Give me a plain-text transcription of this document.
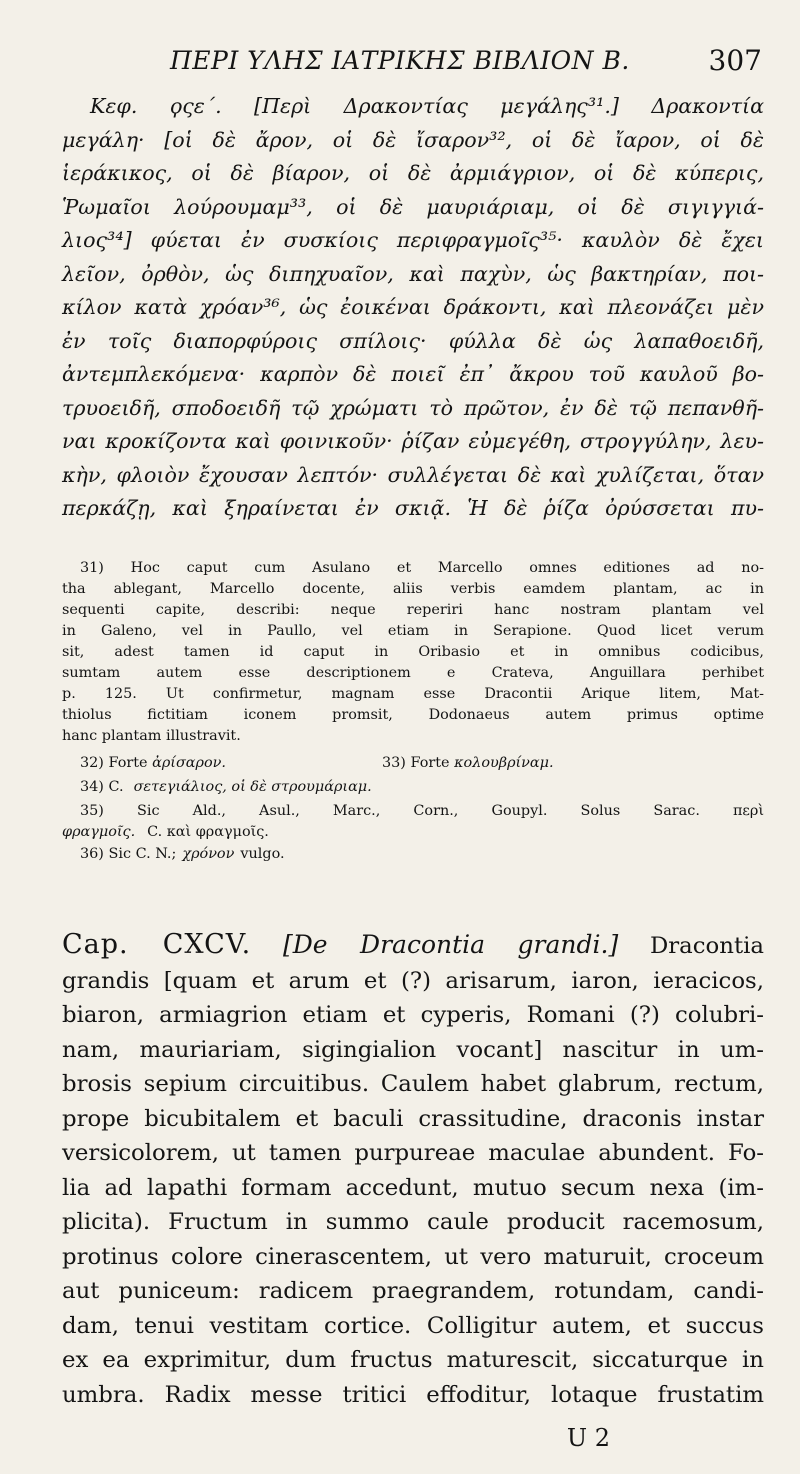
ΠΕΡΙ ΥΛΗΣ ΙΑΤΡΙΚΗΣ ΒΙΒΛΙΟΝ Β.	307
Κεφ. ϙςε΄. [Περὶ Δρακοντίας μεγάλης³¹.] Δρακοντία
μεγάλη· [οἱ δὲ ἄρον, οἱ δὲ ἴσαρον³², οἱ δὲ ἴαρον, οἱ δὲ
ἱεράκικος, οἱ δὲ βίαρον, οἱ δὲ ἀρμιάγριον, οἱ δὲ κύπερις,
Ῥωμαῖοι λούρουμαμ³³, οἱ δὲ μαυριάριαμ, οἱ δὲ σιγιγγιά-
λιος³⁴] φύεται ἐν συσκίοις περιφραγμοῖς³⁵· καυλὸν δὲ ἔχει
λεῖον, ὀρθὸν, ὡς διπηχυαῖον, καὶ παχὺν, ὡς βακτηρίαν, ποι-
κίλον κατὰ χρόαν³⁶, ὡς ἐοικέναι δράκοντι, καὶ πλεονάζει μὲν
ἐν τοῖς διαπορφύροις σπίλοις· φύλλα δὲ ὡς λαπαθοειδῆ,
ἀντεμπλεκόμενα· καρπὸν δὲ ποιεῖ ἐπ᾽ ἄκρου τοῦ καυλοῦ βο-
τρυοειδῆ, σποδοειδῆ τῷ χρώματι τὸ πρῶτον, ἐν δὲ τῷ πεπανθῆ-
ναι κροκίζοντα καὶ φοινικοῦν· ῥίζαν εὐμεγέθη, στρογγύλην, λευ-
κὴν, φλοιὸν ἔχουσαν λεπτόν· συλλέγεται δὲ καὶ χυλίζεται, ὅταν
περκάζῃ, καὶ ξηραίνεται ἐν σκιᾷ. Ἡ δὲ ῥίζα ὀρύσσεται πυ-
31) Hoc caput cum Asulano et Marcello omnes editiones ad no-
tha ablegant, Marcello docente, aliis verbis eamdem plantam, ac in
sequenti capite, describi: neque reperiri hanc nostram plantam vel
in Galeno, vel in Paullo, vel etiam in Serapione. Quod licet verum
sit, adest tamen id caput in Oribasio et in omnibus codicibus,
sumtam autem esse descriptionem e Crateva, Anguillara perhibet
p. 125. Ut confirmetur, magnam esse Dracontii Arique litem, Mat-
thiolus fictitiam iconem promsit, Dodonaeus autem primus optime
hanc plantam illustravit.
32) Forte ἀρίσαρον.	33) Forte κολουβρίναμ.
34) C. σετεγιάλιος, οἱ δὲ στρουμάριαμ.
35) Sic Ald., Asul., Marc., Corn., Goupyl. Solus Sarac. περὶ
φραγμοῖς. C. καὶ φραγμοῖς.
36) Sic C. N.; χρόνον vulgo.
Cap. CXCV. [De Dracontia grandi.] Dracontia
grandis [quam et arum et (?) arisarum, iaron, ieracicos,
biaron, armiagrion etiam et cyperis, Romani (?) colubri-
nam, mauriariam, sigingialion vocant] nascitur in um-
brosis sepium circuitibus. Caulem habet glabrum, rectum,
prope bicubitalem et baculi crassitudine, draconis instar
versicolorem, ut tamen purpureae maculae abundent. Fo-
lia ad lapathi formam accedunt, mutuo secum nexa (im-
plicita). Fructum in summo caule producit racemosum,
protinus colore cinerascentem, ut vero maturuit, croceum
aut puniceum: radicem praegrandem, rotundam, candi-
dam, tenui vestitam cortice. Colligitur autem, et succus
ex ea exprimitur, dum fructus maturescit, siccaturque in
umbra. Radix messe tritici effoditur, lotaque frustatim
U 2
